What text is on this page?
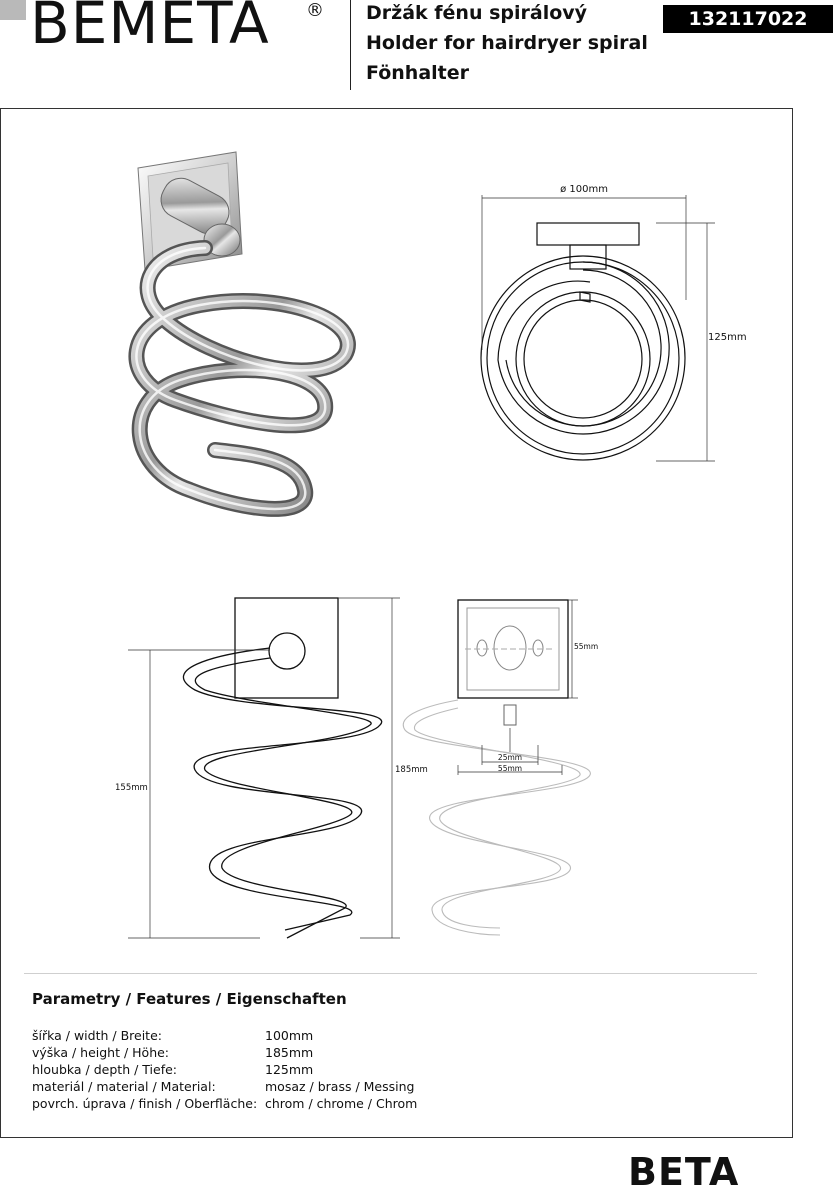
BEMETA ® Držák fénu spirálový
Holder for hairdryer spiral
Fönhalter
132117022
ø 100mm
125mm
155mm
185mm
55mm
25mm
55mm
Parametry / Features / Eigenschaften
šířka / width / Breite:	100mm
výška / height / Höhe:	185mm
hloubka / depth / Tiefe:	125mm
materiál / material / Material:	mosaz / brass / Messing
povrch. úprava / finish / Oberfläche: chrom / chrome / Chrom
BETA
